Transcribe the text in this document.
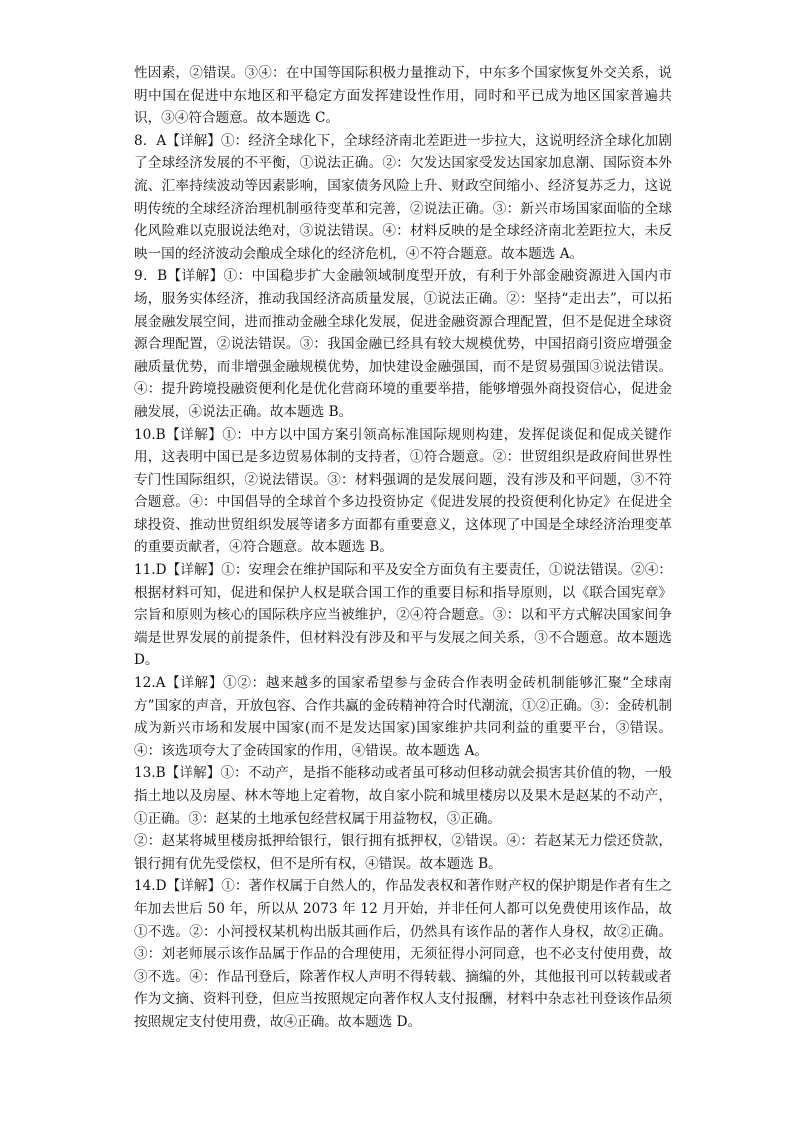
性因素，②错误。③④：在中国等国际积极力量推动下，中东多个国家恢复外交关系，说明中国在促进中东地区和平稳定方面发挥建设性作用，同时和平已成为地区国家普遍共识，③④符合题意。故本题选 C。

8．A【详解】①：经济全球化下，全球经济南北差距进一步拉大，这说明经济全球化加剧了全球经济发展的不平衡，①说法正确。②：欠发达国家受发达国家加息潮、国际资本外流、汇率持续波动等因素影响，国家债务风险上升、财政空间缩小、经济复苏乏力，这说明传统的全球经济治理机制亟待变革和完善，②说法正确。③：新兴市场国家面临的全球化风险难以克服说法绝对，③说法错误。④：材料反映的是全球经济南北差距拉大，未反映一国的经济波动会酿成全球化的经济危机，④不符合题意。故本题选 A。

9．B【详解】①：中国稳步扩大金融领域制度型开放，有利于外部金融资源进入国内市场，服务实体经济，推动我国经济高质量发展，①说法正确。②：坚持“走出去”，可以拓展金融发展空间，进而推动金融全球化发展，促进金融资源合理配置，但不是促进全球资源合理配置，②说法错误。③：我国金融已经具有较大规模优势，中国招商引资应增强金融质量优势，而非增强金融规模优势，加快建设金融强国，而不是贸易强国③说法错误。④：提升跨境投融资便利化是优化营商环境的重要举措，能够增强外商投资信心，促进金融发展，④说法正确。故本题选 B。

10.B【详解】①：中方以中国方案引领高标准国际规则构建，发挥促谈促和促成关键作用，这表明中国已是多边贸易体制的支持者，①符合题意。②：世贸组织是政府间世界性专门性国际组织，②说法错误。③：材料强调的是发展问题，没有涉及和平问题，③不符合题意。④：中国倡导的全球首个多边投资协定《促进发展的投资便利化协定》在促进全球投资、推动世贸组织发展等诸多方面都有重要意义，这体现了中国是全球经济治理变革的重要贡献者，④符合题意。故本题选 B。

11.D【详解】①：安理会在维护国际和平及安全方面负有主要责任，①说法错误。②④：根据材料可知，促进和保护人权是联合国工作的重要目标和指导原则，以《联合国宪章》宗旨和原则为核心的国际秩序应当被维护，②④符合题意。③：以和平方式解决国家间争端是世界发展的前提条件，但材料没有涉及和平与发展之间关系，③不合题意。故本题选 D。

12.A【详解】①②：越来越多的国家希望参与金砖合作表明金砖机制能够汇聚“全球南方”国家的声音，开放包容、合作共赢的金砖精神符合时代潮流，①②正确。③：金砖机制成为新兴市场和发展中国家(而不是发达国家)国家维护共同利益的重要平台，③错误。④：该选项夸大了金砖国家的作用，④错误。故本题选 A。

13.B【详解】①：不动产，是指不能移动或者虽可移动但移动就会损害其价值的物，一般指土地以及房屋、林木等地上定着物，故自家小院和城里楼房以及果木是赵某的不动产，①正确。③：赵某的土地承包经营权属于用益物权，③正确。

②：赵某将城里楼房抵押给银行，银行拥有抵押权，②错误。④：若赵某无力偿还贷款，银行拥有优先受偿权，但不是所有权，④错误。故本题选 B。

14.D【详解】①：著作权属于自然人的，作品发表权和著作财产权的保护期是作者有生之年加去世后 50 年，所以从 2073 年 12 月开始，并非任何人都可以免费使用该作品，故①不选。②：小河授权某机构出版其画作后，仍然具有该作品的著作人身权，故②正确。③：刘老师展示该作品属于作品的合理使用，无须征得小河同意，也不必支付使用费，故③不选。④：作品刊登后，除著作权人声明不得转载、摘编的外，其他报刊可以转载或者作为文摘、资料刊登，但应当按照规定向著作权人支付报酬，材料中杂志社刊登该作品须按照规定支付使用费，故④正确。故本题选 D。
